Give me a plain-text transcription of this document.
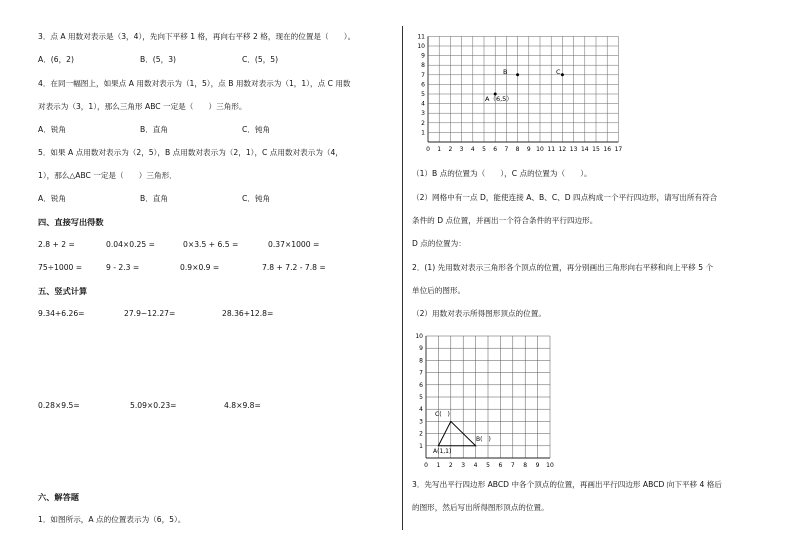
3．点 A 用数对表示是（3，4），先向下平移 1 格，再向右平移 2 格，现在的位置是（　　）。
A．(6，2)	B．(5，3)	C．(5，5)
4．在同一幅图上，如果点 A 用数对表示为（1，5），点 B 用数对表示为（1，1），点 C 用数
对表示为（3，1），那么三角形 ABC 一定是（　　）三角形。
A．锐角	B．直角	C．钝角
5．如果 A 点用数对表示为（2，5），B 点用数对表示为（2，1），C 点用数对表示为（4，
1），那么△ABC 一定是（　　）三角形．
A．锐角	B．直角	C．钝角
四、直接写出得数
2.8 + 2 =	0.04×0.25 =	0×3.5 + 6.5 =	0.37×1000 =
75÷1000 =	9 - 2.3 =	0.9×0.9 =	7.8 + 7.2 - 7.8 =
五、竖式计算
9.34+6.26=	27.9−12.27=	28.36+12.8=
0.28×9.5=	5.09×0.23=	4.8×9.8=
六、解答题
1．如图所示，A 点的位置表示为（6，5）。
0 1 2 3 4 5 6 7 8 9 10 11 12 13 14 15 16 17
1
2
3
4
5
6
7
8
9
10
11
A（6,5）
B	C
（1）B 点的位置为（　　），C 点的位置为（　　）。
（2）网格中有一点 D，能使连接 A、B、C、D 四点构成一个平行四边形，请写出所有符合
条件的 D 点位置，并画出一个符合条件的平行四边形。
D 点的位置为：
2．(1) 先用数对表示三角形各个顶点的位置，再分别画出三角形向右平移和向上平移 5 个
单位后的图形。
（2）用数对表示所得图形顶点的位置。
0 1 2 3 4 5 6 7 8 9 10
1
2
3
4
5
6
7
8
9
10
A(1,1)
B(　)
C(　)
3．先写出平行四边形 ABCD 中各个顶点的位置，再画出平行四边形 ABCD 向下平移 4 格后
的图形，然后写出所得图形顶点的位置。
